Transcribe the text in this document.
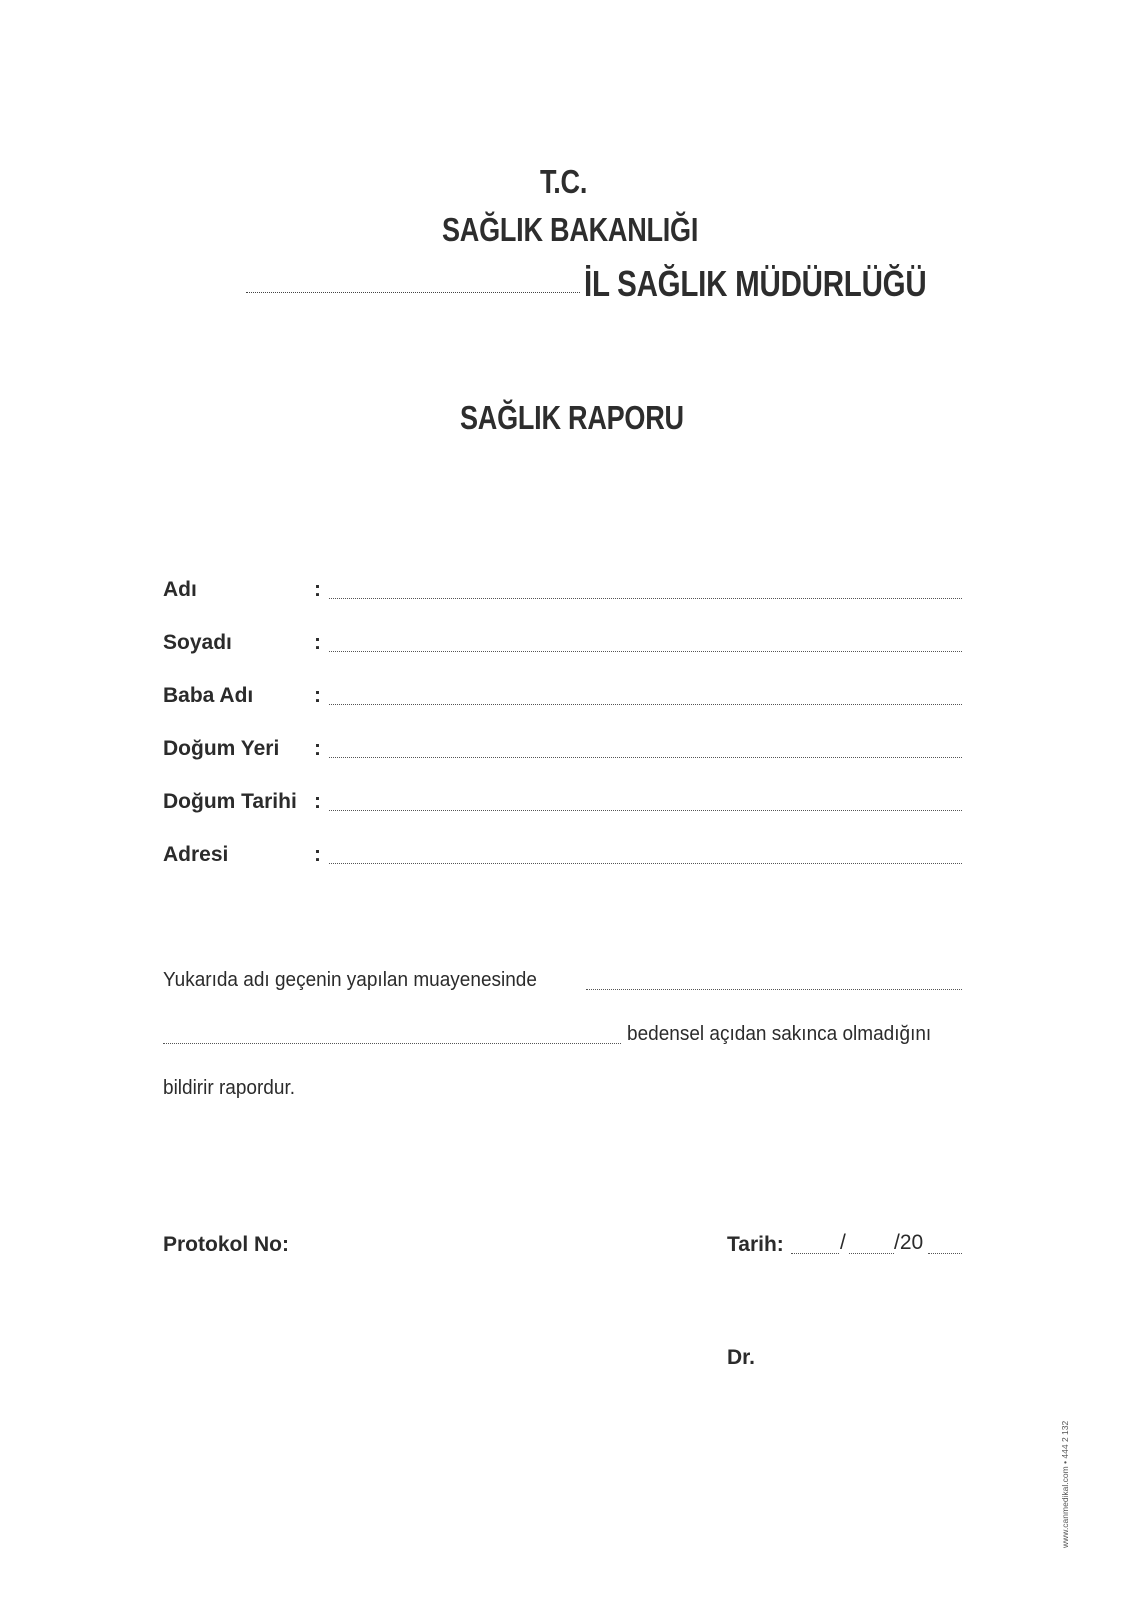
T.C.
SAĞLIK BAKANLIĞI
İL SAĞLIK MÜDÜRLÜĞÜ
SAĞLIK RAPORU
Adı	:
Soyadı	:
Baba Adı	:
Doğum Yeri :
Doğum Tarihi :
Adresi	:
Yukarıda adı geçenin yapılan muayenesinde
bedensel açıdan sakınca olmadığını
bildirir rapordur.
Protokol No:	Tarih:	/ /20
Dr.
www.canmedikal.com • 444 2 132
